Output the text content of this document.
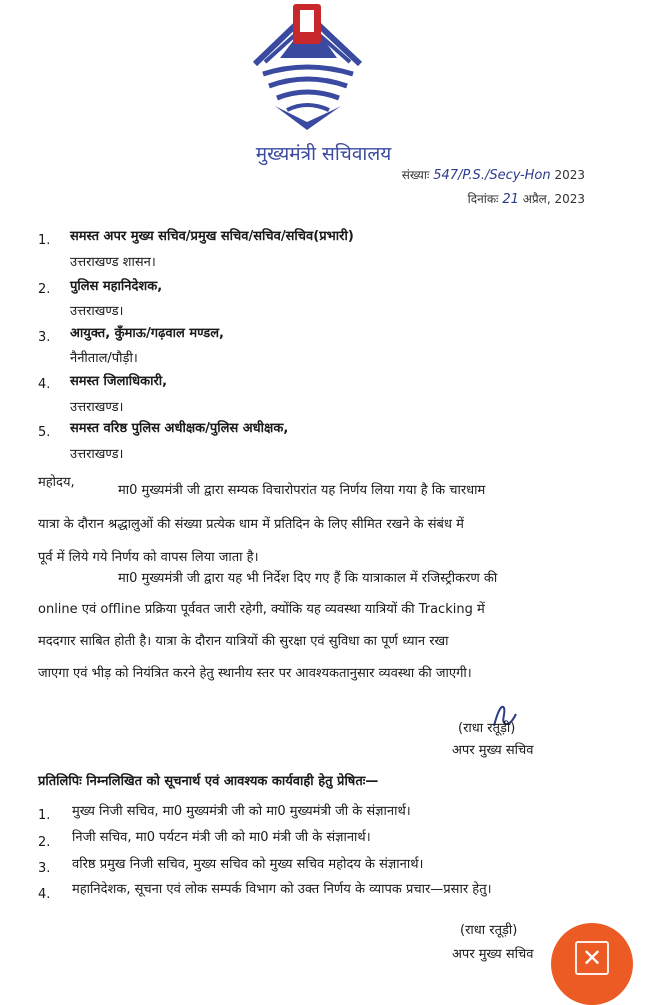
मुख्यमंत्री सचिवालय
संख्याः 547/P.S./Secy-Hon 2023
दिनांकः 21 अप्रैल, 2023
1. समस्त अपर मुख्य सचिव/प्रमुख सचिव/सचिव/सचिव(प्रभारी)
उत्तराखण्ड शासन।
2. पुलिस महानिदेशक,
उत्तराखण्ड।
3. आयुक्त, कुँमाऊ/गढ़वाल मण्डल,
नैनीताल/पौड़ी।
4. समस्त जिलाधिकारी,
उत्तराखण्ड।
5. समस्त वरिष्ठ पुलिस अधीक्षक/पुलिस अधीक्षक,
उत्तराखण्ड।
महोदय,
मा0 मुख्यमंत्री जी द्वारा सम्यक विचारोपरांत यह निर्णय लिया गया है कि चारधाम
यात्रा के दौरान श्रद्धालुओं की संख्या प्रत्येक धाम में प्रतिदिन के लिए सीमित रखने के संबंध में
पूर्व में लिये गये निर्णय को वापस लिया जाता है।
मा0 मुख्यमंत्री जी द्वारा यह भी निर्देश दिए गए हैं कि यात्राकाल में रजिस्ट्रीकरण की
online एवं offline प्रक्रिया पूर्ववत जारी रहेगी, क्योंकि यह व्यवस्था यात्रियों की Tracking में
मददगार साबित होती है। यात्रा के दौरान यात्रियों की सुरक्षा एवं सुविधा का पूर्ण ध्यान रखा
जाएगा एवं भीड़ को नियंत्रित करने हेतु स्थानीय स्तर पर आवश्यकतानुसार व्यवस्था की जाएगी।
(राधा रतूड़ी)
अपर मुख्य सचिव
प्रतिलिपिः निम्नलिखित को सूचनार्थ एवं आवश्यक कार्यवाही हेतु प्रेषितः—
1. मुख्य निजी सचिव, मा0 मुख्यमंत्री जी को मा0 मुख्यमंत्री जी के संज्ञानार्थ।
2. निजी सचिव, मा0 पर्यटन मंत्री जी को मा0 मंत्री जी के संज्ञानार्थ।
3. वरिष्ठ प्रमुख निजी सचिव, मुख्य सचिव को मुख्य सचिव महोदय के संज्ञानार्थ।
4. महानिदेशक, सूचना एवं लोक सम्पर्क विभाग को उक्त निर्णय के व्यापक प्रचार—प्रसार हेतु।
(राधा रतूड़ी)
अपर मुख्य सचिव ✕
